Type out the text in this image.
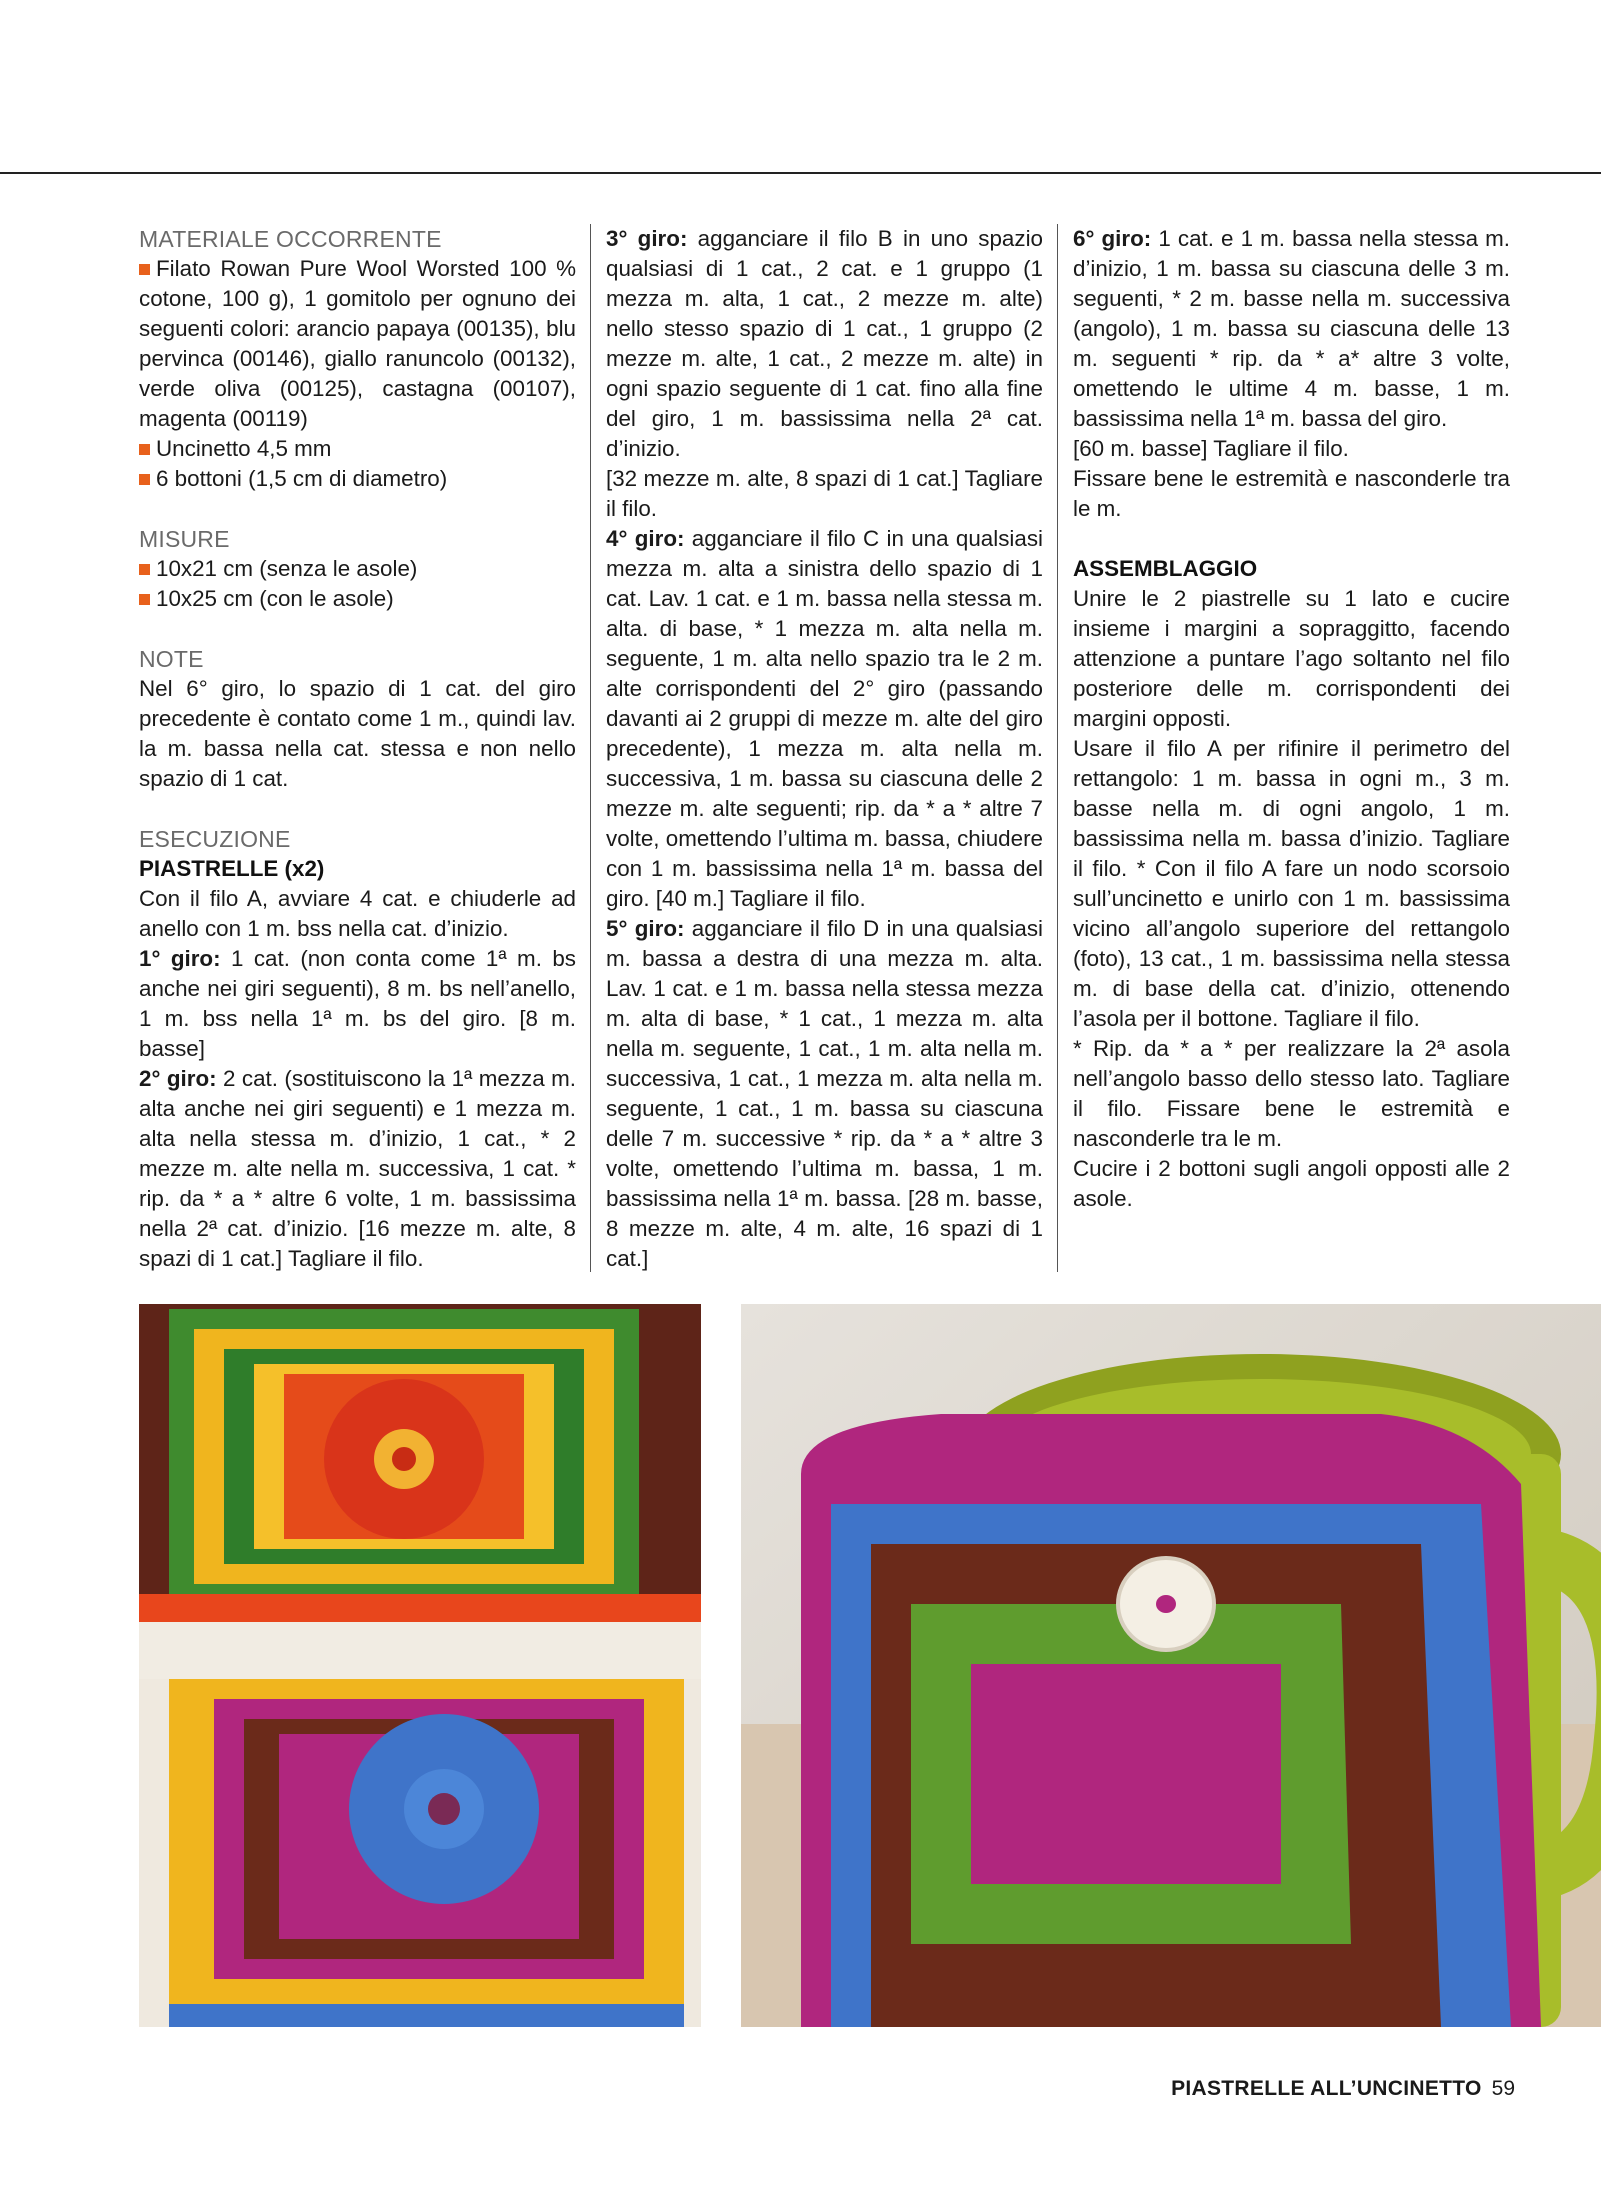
MATERIALE OCCORRENTE

Filato Rowan Pure Wool Worsted 100 % cotone, 100 g), 1 gomitolo per ognuno dei seguenti colori: arancio papaya (00135), blu pervinca (00146), giallo ranuncolo (00132), verde oliva (00125), castagna (00107), magenta (00119)

Uncinetto 4,5 mm

6 bottoni (1,5 cm di diametro)

MISURE

10x21 cm (senza le asole)

10x25 cm (con le asole)

NOTE

Nel 6° giro, lo spazio di 1 cat. del giro precedente è contato come 1 m., quindi lav. la m. bassa nella cat. stessa e non nello spazio di 1 cat.

ESECUZIONE

PIASTRELLE (x2)

Con il filo A, avviare 4 cat. e chiuderle ad anello con 1 m. bss nella cat. d’inizio.

1° giro: 1 cat. (non conta come 1ª m. bs anche nei giri seguenti), 8 m. bs nell’anello, 1 m. bss nella 1ª m. bs del giro. [8 m. basse]

2° giro: 2 cat. (sostituiscono la 1ª mezza m. alta anche nei giri seguenti) e 1 mezza m. alta nella stessa m. d’inizio, 1 cat., * 2 mezze m. alte nella m. successiva, 1 cat. * rip. da * a * altre 6 volte, 1 m. bassissima nella 2ª cat. d’inizio. [16 mezze m. alte, 8 spazi di 1 cat.] Tagliare il filo.

3° giro: agganciare il filo B in uno spazio qualsiasi di 1 cat., 2 cat. e 1 gruppo (1 mezza m. alta, 1 cat., 2 mezze m. alte) nello stesso spazio di 1 cat., 1 gruppo (2 mezze m. alte, 1 cat., 2 mezze m. alte) in ogni spazio seguente di 1 cat. fino alla fine del giro, 1 m. bassissima nella 2ª cat. d’inizio.

[32 mezze m. alte, 8 spazi di 1 cat.] Tagliare il filo.

4° giro: agganciare il filo C in una qualsiasi mezza m. alta a sinistra dello spazio di 1 cat. Lav. 1 cat. e 1 m. bassa nella stessa m. alta. di base, * 1 mezza m. alta nella m. seguente, 1 m. alta nello spazio tra le 2 m. alte corrispondenti del 2° giro (passando davanti ai 2 gruppi di mezze m. alte del giro precedente), 1 mezza m. alta nella m. successiva, 1 m. bassa su ciascuna delle 2 mezze m. alte seguenti; rip. da * a * altre 7 volte, omettendo l’ultima m. bassa, chiudere con 1 m. bassissima nella 1ª m. bassa del giro. [40 m.] Tagliare il filo.

5° giro: agganciare il filo D in una qualsiasi m. bassa a destra di una mezza m. alta. Lav. 1 cat. e 1 m. bassa nella stessa mezza m. alta di base, * 1 cat., 1 mezza m. alta nella m. seguente, 1 cat., 1 m. alta nella m. successiva, 1 cat., 1 mezza m. alta nella m. seguente, 1 cat., 1 m. bassa su ciascuna delle 7 m. successive * rip. da * a * altre 3 volte, omettendo l’ultima m. bassa, 1 m. bassissima nella 1ª m. bassa. [28 m. basse, 8 mezze m. alte, 4 m. alte, 16 spazi di 1 cat.]

6° giro: 1 cat. e 1 m. bassa nella stessa m. d’inizio, 1 m. bassa su ciascuna delle 3 m. seguenti, * 2 m. basse nella m. successiva (angolo), 1 m. bassa su ciascuna delle 13 m. seguenti * rip. da * a* altre 3 volte, omettendo le ultime 4 m. basse, 1 m. bassissima nella 1ª m. bassa del giro.

[60 m. basse] Tagliare il filo.

Fissare bene le estremità e nasconderle tra le m.

ASSEMBLAGGIO

Unire le 2 piastrelle su 1 lato e cucire insieme i margini a sopraggitto, facendo attenzione a puntare l’ago soltanto nel filo posteriore delle m. corrispondenti dei margini opposti.

Usare il filo A per rifinire il perimetro del rettangolo: 1 m. bassa in ogni m., 3 m. basse nella m. di ogni angolo, 1 m. bassissima nella m. bassa d’inizio. Tagliare il filo. * Con il filo A fare un nodo scorsoio sull’uncinetto e unirlo con 1 m. bassissima vicino all’angolo superiore del rettangolo (foto), 13 cat., 1 m. bassissima nella stessa m. di base della cat. d’inizio, ottenendo l’asola per il bottone. Tagliare il filo.

* Rip. da * a * per realizzare la 2ª asola nell’angolo basso dello stesso lato. Tagliare il filo. Fissare bene le estremità e nasconderle tra le m.

Cucire i 2 bottoni sugli angoli opposti alle 2 asole.

PIASTRELLE ALL’UNCINETTO 59
